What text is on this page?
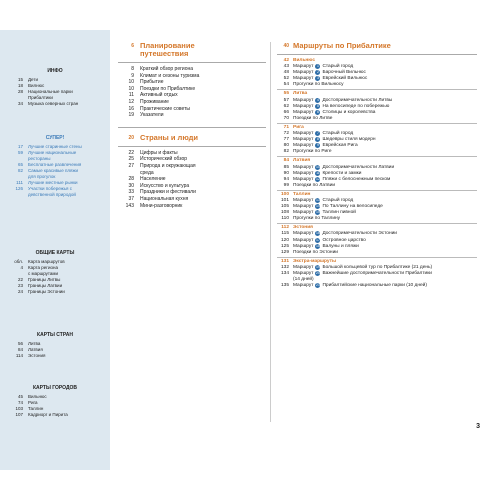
ИНФО
15	Дети
18	Вилнюс
28	Национальные парки
Прибалтики
34	Музыка северных стран
СУПЕР!
17	Лучшие старинные стены
59	Лучшие национальные
рестораны
65	Бесплатные развлечения
82	Самые красивые пляжи
для прогулок
111	Лучшие местные рынки
126	Участки побережья с
девственной природой
ОБЩИЕ КАРТЫ
обл.	Карта маршрутов
4	Карта региона
с маршрутами
22	Границы Литвы
23	Границы Латвии
24	Границы Эстонии
КАРТЫ СТРАН
56	Литва
84	Латвия
114	Эстония
КАРТЫ ГОРОДОВ
45	Вильнюс
74	Рига
103	Таллин
107	Кадриорг и Пирита
6 Планирование
путешествия
8	Краткий обзор региона
9	Климат и сезоны туризма
10	Прибытие
10	Поездки по Прибалтике
11	Активный отдых
12	Проживание
16	Практические советы
19	Указатели
20 Страны и люди
22	Цифры и факты
25	Исторический обзор
27	Природа и окружающая
среда
28	Население
30	Искусство и культура
33	Праздники и фестивали
37	Национальная кухня
143	Мини-разговорник
40 Маршруты по Прибалтике
42 Вильнюс
43 Маршрут 1 Старый город
48 Маршрут 2 Барочный Вильнюс
52 Маршрут 3 Еврейский Вильнюс
54 Прогулки по Вильнюсу
55 Литва
57 Маршрут 4 Достопримечательности Литвы
62 Маршрут 5 На велосипеде по побережью
66 Маршрут 6 Столицы и королевства
70 Поездки по Литве
71 Рига
72 Маршрут 7 Старый город
77 Маршрут 8 Шедевры стиля модерн
80 Маршрут 9 Еврейская Рига
82 Прогулки по Риге
84 Латвия
85 Маршрут 10 Достопримечательности Латвии
90 Маршрут 11 Крепости и замки
94 Маршрут 12 Пляжи с белоснежным песком
99 Поездки по Латвии
100 Таллин
101 Маршрут 13 Старый город
105 Маршрут 14 По Таллину на велосипеде
108 Маршрут 15 Таллин пивной
110 Прогулки по Таллину
112 Эстония
115 Маршрут 16 Достопримечательности Эстонии
120 Маршрут 17 Островное царство
125 Маршрут 18 Валуны и пляжи
129 Поездки по Эстонии
131 Экстра-маршруты
132 Маршрут 19 Большой кольцевой тур по Прибалтике (21 день)
134 Маршрут 20 Важнейшие достопримечательности Прибалтики
(14 дней)
135 Маршрут 21 Прибалтийские национальные парки (10 дней)
3
